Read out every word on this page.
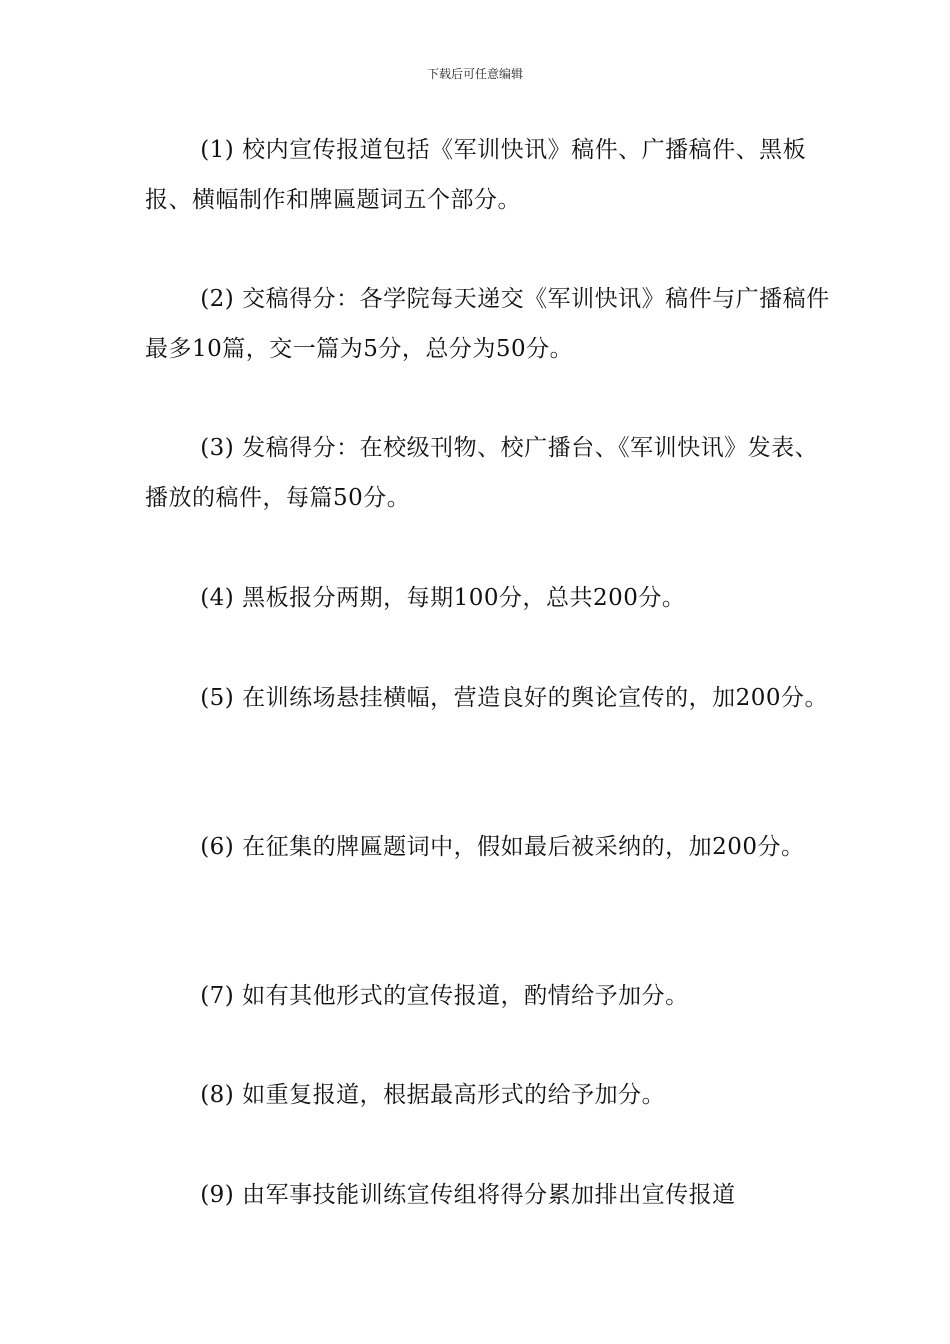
下载后可任意编辑

(1) 校内宣传报道包括《军训快讯》稿件、广播稿件、黑板报、横幅制作和牌匾题词五个部分。

(2) 交稿得分：各学院每天递交《军训快讯》稿件与广播稿件最多10篇，交一篇为5分，总分为50分。

(3) 发稿得分：在校级刊物、校广播台、《军训快讯》发表、播放的稿件，每篇50分。

(4) 黑板报分两期，每期100分，总共200分。

(5) 在训练场悬挂横幅，营造良好的舆论宣传的，加200分。

(6) 在征集的牌匾题词中，假如最后被采纳的，加200分。

(7) 如有其他形式的宣传报道，酌情给予加分。

(8) 如重复报道，根据最高形式的给予加分。

(9) 由军事技能训练宣传组将得分累加排出宣传报道
